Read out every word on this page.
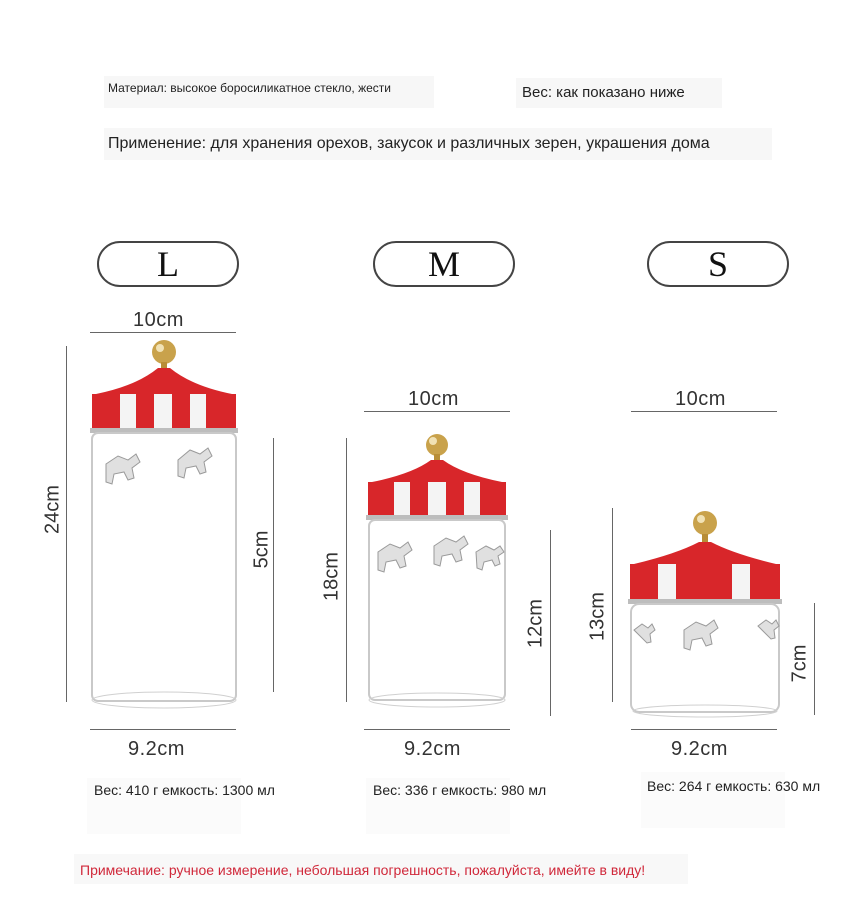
Материал: высокое боросиликатное стекло, жести	Вес: как показано ниже
Применение: для хранения орехов, закусок и различных зерен, украшения дома
L	M	S
10cm
24cm
5cm
9.2cm
Вес: 410 г емкость: 1300 мл
10cm
18cm
12cm
9.2cm
Вес: 336 г емкость: 980 мл
10cm
13cm
7cm
9.2cm
Вес: 264 г емкость: 630 мл
Примечание: ручное измерение, небольшая погрешность, пожалуйста, имейте в виду!
